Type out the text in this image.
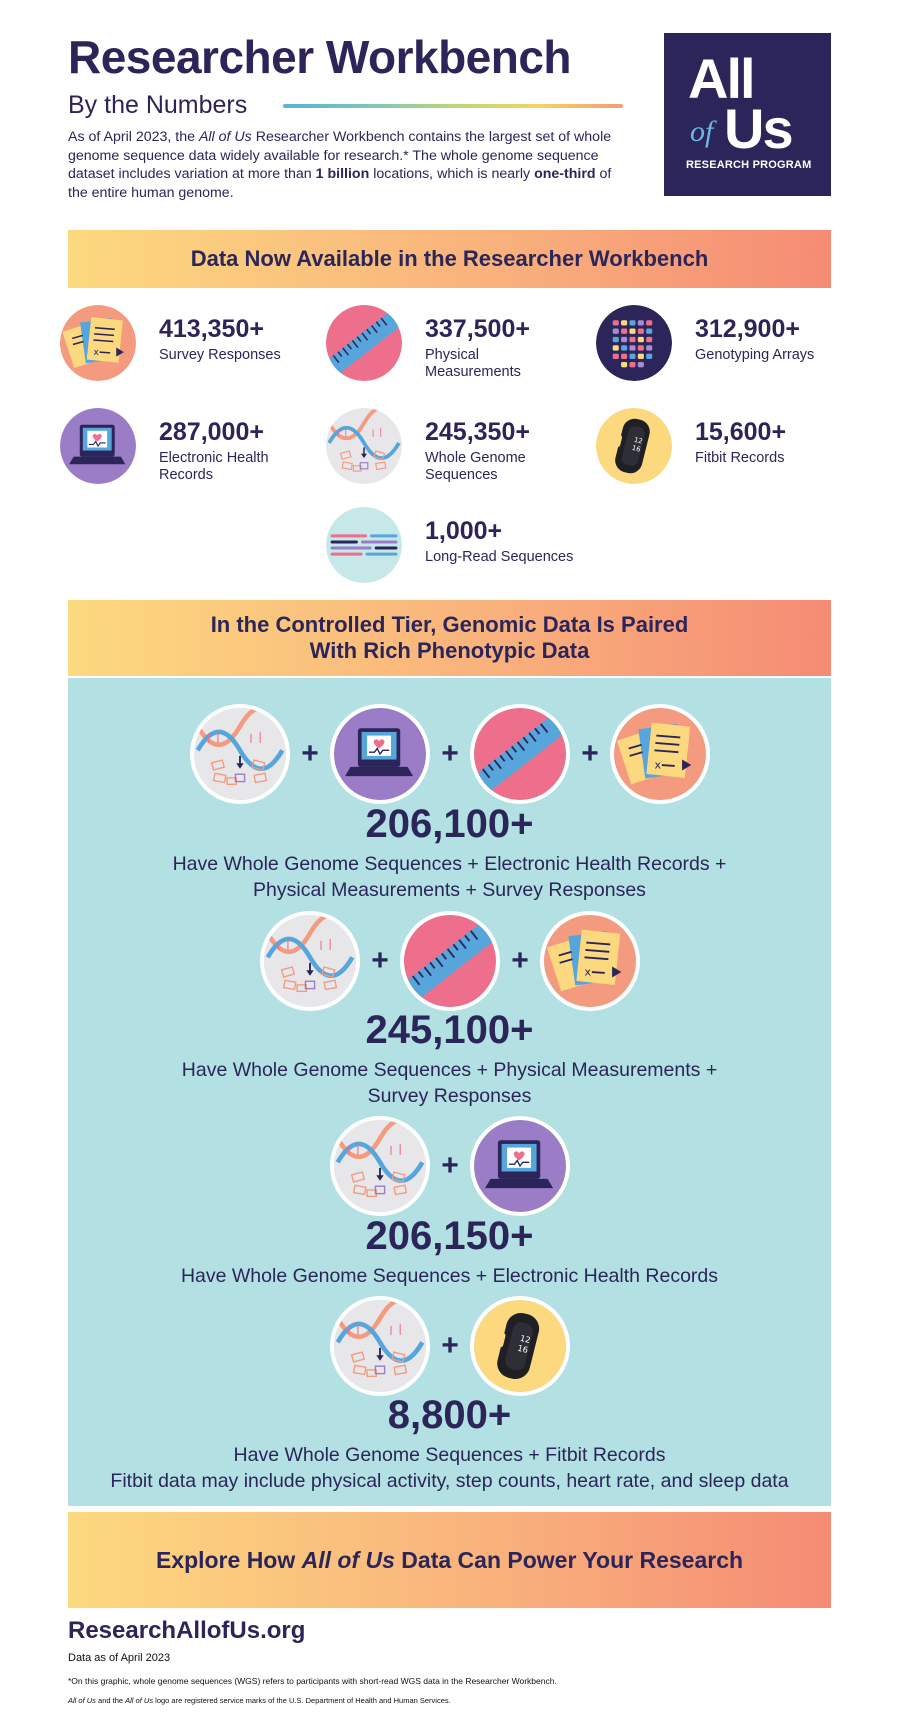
Researcher Workbench
By the Numbers
As of April 2023, the All of Us Researcher Workbench contains the largest set of whole genome sequence data widely available for research.* The whole genome sequence dataset includes variation at more than 1 billion locations, which is nearly one-third of the entire human genome.
All
of Us
RESEARCH PROGRAM
Data Now Available in the Researcher Workbench
413,350+
Survey Responses
337,500+
Physical Measurements
312,900+
Genotyping Arrays
287,000+
Electronic Health Records
245,350+
Whole Genome Sequences
15,600+
Fitbit Records
1,000+
Long-Read Sequences
In the Controlled Tier, Genomic Data Is Paired
With Rich Phenotypic Data
+	+	+
206,100+
Have Whole Genome Sequences + Electronic Health Records +
Physical Measurements + Survey Responses
+	+
245,100+
Have Whole Genome Sequences + Physical Measurements +
Survey Responses
+
206,150+
Have Whole Genome Sequences + Electronic Health Records
+
8,800+
Have Whole Genome Sequences + Fitbit Records
Fitbit data may include physical activity, step counts, heart rate, and sleep data
Explore How All of Us Data Can Power Your Research
ResearchAllofUs.org
Data as of April 2023
*On this graphic, whole genome sequences (WGS) refers to participants with short-read WGS data in the Researcher Workbench.
All of Us and the All of Us logo are registered service marks of the U.S. Department of Health and Human Services.
